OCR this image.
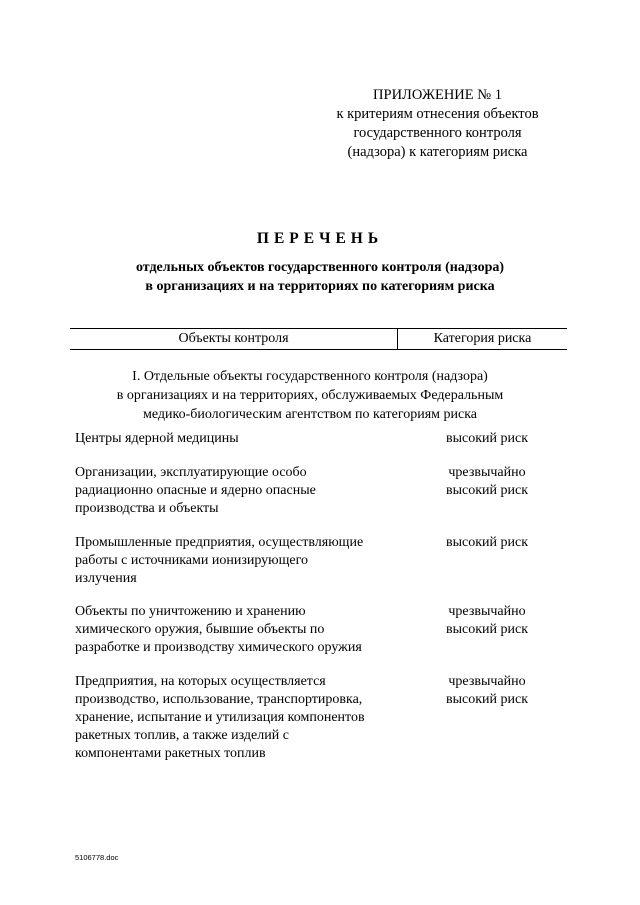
ПРИЛОЖЕНИЕ № 1
к критериям отнесения объектов
государственного контроля
(надзора) к категориям риска
ПЕРЕЧЕНЬ
отдельных объектов государственного контроля (надзора)
в организациях и на территориях по категориям риска
Объекты контроля	Категория риска
I. Отдельные объекты государственного контроля (надзора)
в организациях и на территориях, обслуживаемых Федеральным
медико-биологическим агентством по категориям риска
Центры ядерной медицины	высокий риск
Организации, эксплуатирующие особо
радиационно опасные и ядерно опасные
производства и объекты
чрезвычайно
высокий риск
Промышленные предприятия, осуществляющие
работы с источниками ионизирующего
излучения
высокий риск
Объекты по уничтожению и хранению
химического оружия, бывшие объекты по
разработке и производству химического оружия
чрезвычайно
высокий риск
Предприятия, на которых осуществляется
производство, использование, транспортировка,
хранение, испытание и утилизация компонентов
ракетных топлив, а также изделий с
компонентами ракетных топлив
чрезвычайно
высокий риск
5106778.doc
